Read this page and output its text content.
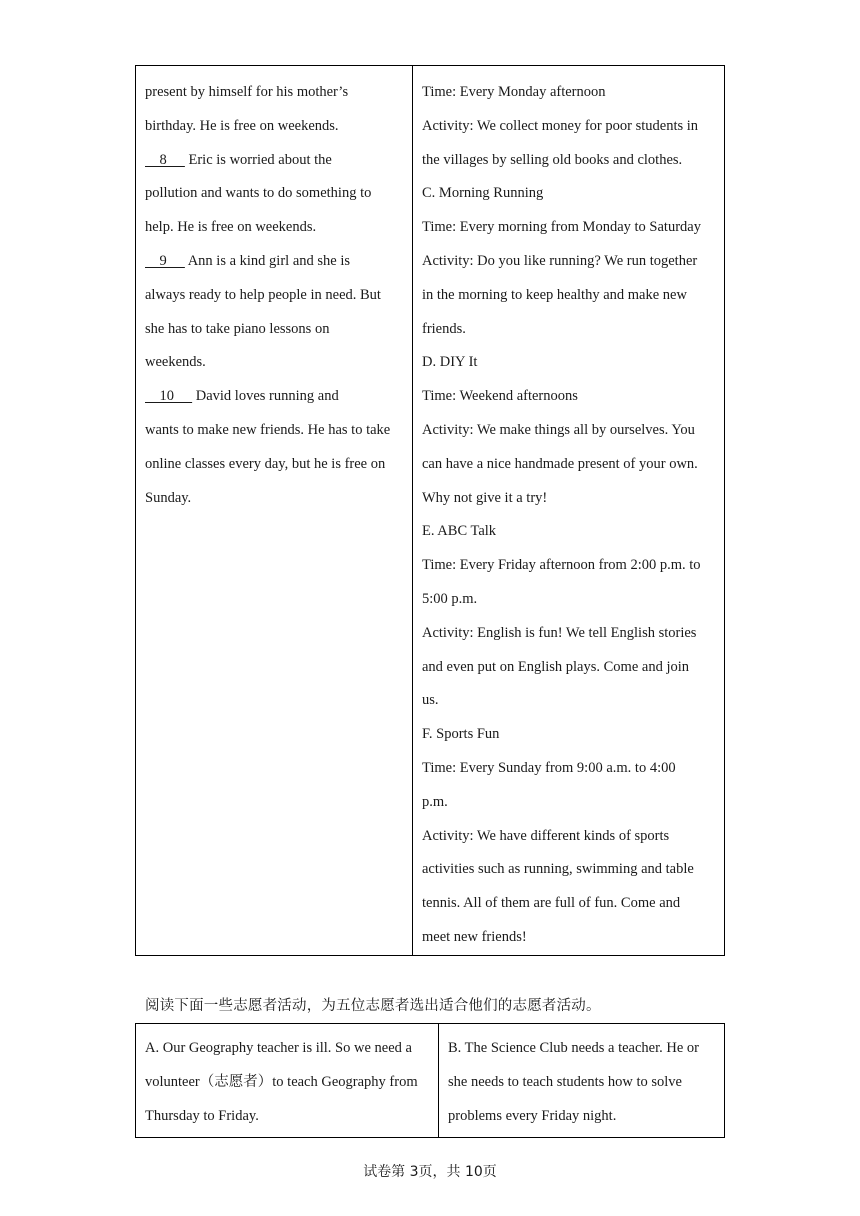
present by himself for his mother’s
birthday. He is free on weekends.
8      Eric is worried about the
pollution and wants to do something to
help. He is free on weekends.
9      Ann is a kind girl and she is
always ready to help people in need. But
she has to take piano lessons on
weekends.
10      David loves running and
wants to make new friends. He has to take
online classes every day, but he is free on
Sunday.
Time: Every Monday afternoon
Activity: We collect money for poor students in
the villages by selling old books and clothes.
C. Morning Running
Time: Every morning from Monday to Saturday
Activity: Do you like running? We run together
in the morning to keep healthy and make new
friends.
D. DIY It
Time: Weekend afternoons
Activity: We make things all by ourselves. You
can have a nice handmade present of your own.
Why not give it a try!
E. ABC Talk
Time: Every Friday afternoon from 2:00 p.m. to
5:00 p.m.
Activity: English is fun! We tell English stories
and even put on English plays. Come and join
us.
F. Sports Fun
Time: Every Sunday from 9:00 a.m. to 4:00
p.m.
Activity: We have different kinds of sports
activities such as running, swimming and table
tennis. All of them are full of fun. Come and
meet new friends!
阅读下面一些志愿者活动，为五位志愿者选出适合他们的志愿者活动。
A. Our Geography teacher is ill. So we need a
volunteer（志愿者）to teach Geography from
Thursday to Friday.
B. The Science Club needs a teacher. He or
she needs to teach students how to solve
problems every Friday night.
试卷第 3页，共 10页
